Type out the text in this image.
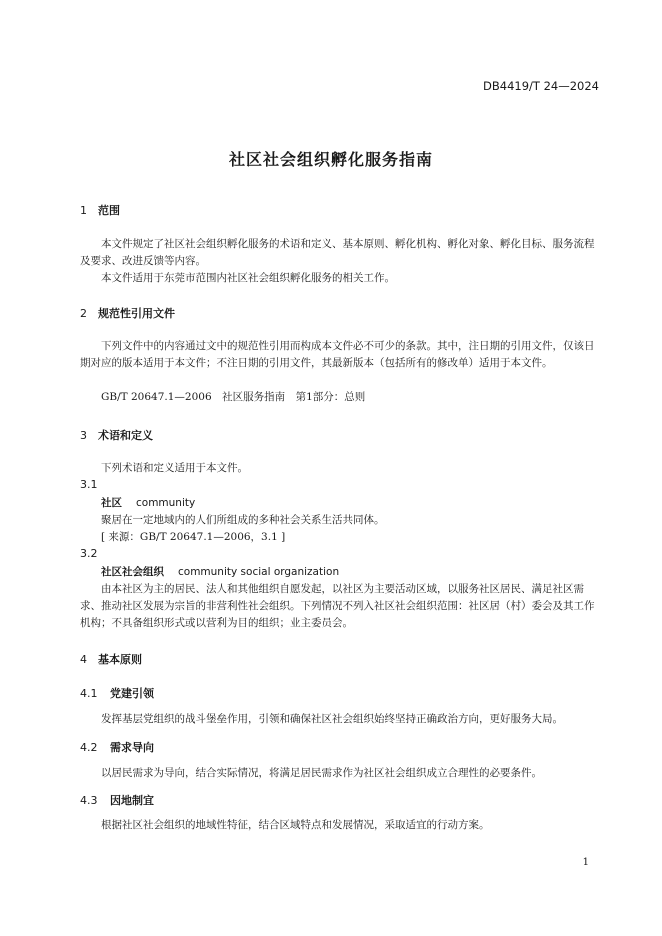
DB4419/T 24—2024
社区社会组织孵化服务指南
1 范围
本文件规定了社区社会组织孵化服务的术语和定义、基本原则、孵化机构、孵化对象、孵化目标、服务流程及要求、改进反馈等内容。
本文件适用于东莞市范围内社区社会组织孵化服务的相关工作。
2 规范性引用文件
下列文件中的内容通过文中的规范性引用而构成本文件必不可少的条款。其中，注日期的引用文件，仅该日期对应的版本适用于本文件；不注日期的引用文件，其最新版本（包括所有的修改单）适用于本文件。
GB/T 20647.1—2006　社区服务指南　第1部分：总则
3 术语和定义
下列术语和定义适用于本文件。
3.1
社区 community
聚居在一定地域内的人们所组成的多种社会关系生活共同体。
[ 来源：GB/T 20647.1—2006，3.1 ]
3.2
社区社会组织 community social organization
由本社区为主的居民、法人和其他组织自愿发起，以社区为主要活动区域，以服务社区居民、满足社区需求、推动社区发展为宗旨的非营利性社会组织。下列情况不列入社区社会组织范围：社区居（村）委会及其工作机构；不具备组织形式或以营利为目的组织；业主委员会。
4 基本原则
4.1 党建引领
发挥基层党组织的战斗堡垒作用，引领和确保社区社会组织始终坚持正确政治方向，更好服务大局。
4.2 需求导向
以居民需求为导向，结合实际情况，将满足居民需求作为社区社会组织成立合理性的必要条件。
4.3 因地制宜
根据社区社会组织的地域性特征，结合区域特点和发展情况，采取适宜的行动方案。
1
